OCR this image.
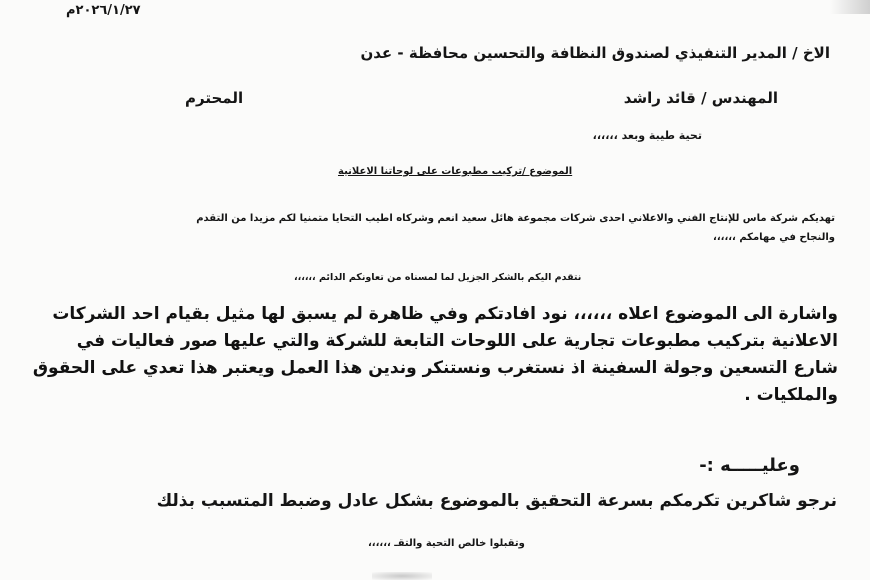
٢٠٢٦/١/٢٧م
الاخ / المدير التنفيذي لصندوق النظافة والتحسين محافظة - عدن
المهندس / قائد راشد
المحترم
تحية طيبة وبعد ،،،،،،
الموضوع /تركيب مطبوعات على لوحاتنا الاعلانية
تهديكم شركة ماس للإنتاج الفني والاعلاني احدى شركات مجموعة هائل سعيد انعم وشركاه اطيب التحايا متمنيا لكم مزيدا من التقدم
والنجاح في مهامكم ،،،،،،
نتقدم اليكم بالشكر الجزيل لما لمسناه من تعاونكم الدائم ،،،،،،

واشارة الى الموضوع اعلاه ،،،،،، نود افادتكم وفي ظاهرة لم يسبق لها مثيل بقيام احد الشركات

الاعلانية بتركيب مطبوعات تجارية على اللوحات التابعة للشركة والتي عليها صور فعاليات في

شارع التسعين وجولة السفينة اذ نستغرب ونستنكر وندين هذا العمل ويعتبر هذا تعدي على الحقوق

والملكيات .

وعليـــــه :-
نرجو شاكرين تكرمكم بسرعة التحقيق بالموضوع بشكل عادل وضبط المتسبب بذلك
وتقبلوا خالص التحية والتقـ ،،،،،،
